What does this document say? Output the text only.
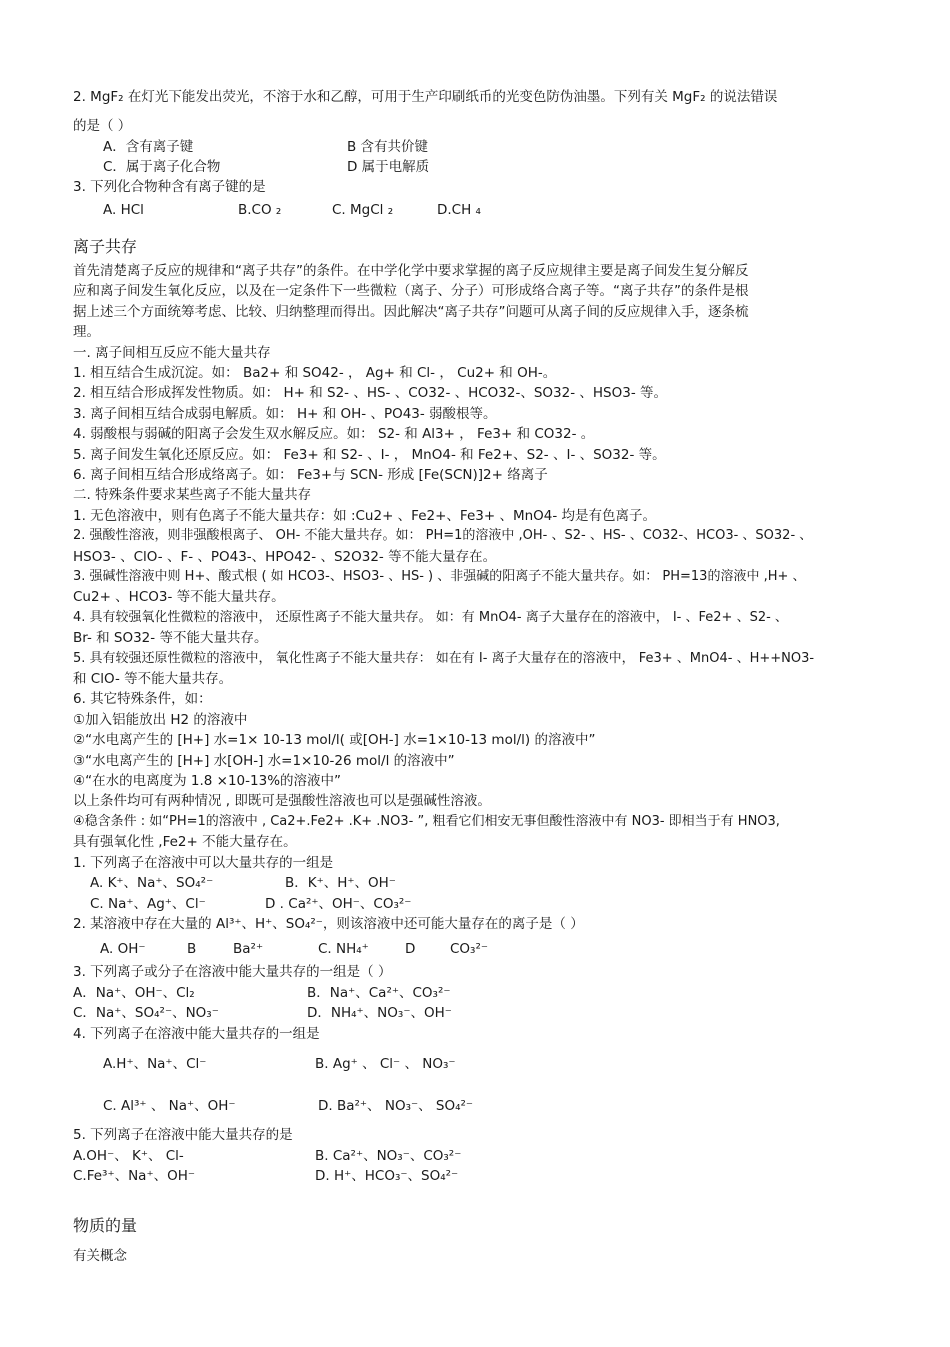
2. MgF₂ 在灯光下能发出荧光，不溶于水和乙醇，可用于生产印刷纸币的光变色防伪油墨。下列有关 MgF₂ 的说法错误
的是（ ）
A．含有离子键	B 含有共价键
C．属于离子化合物	D 属于电解质
3. 下列化合物种含有离子键的是
A. HCl	B.CO ₂	C. MgCl ₂	D.CH ₄
离子共存
首先清楚离子反应的规律和“离子共存”的条件。在中学化学中要求掌握的离子反应规律主要是离子间发生复分解反
应和离子间发生氧化反应，以及在一定条件下一些微粒（离子、分子）可形成络合离子等。“离子共存”的条件是根
据上述三个方面统筹考虑、比较、归纳整理而得出。因此解决“离子共存”问题可从离子间的反应规律入手，逐条梳
理。
一. 离子间相互反应不能大量共存
1. 相互结合生成沉淀。如： Ba2+ 和 SO42- ， Ag+ 和 Cl- ， Cu2+ 和 OH-。
2. 相互结合形成挥发性物质。如： H+ 和 S2- 、HS- 、CO32- 、HCO32-、SO32- 、HSO3- 等。
3. 离子间相互结合成弱电解质。如： H+ 和 OH- 、PO43- 弱酸根等。
4. 弱酸根与弱碱的阳离子会发生双水解反应。如： S2- 和 Al3+ ， Fe3+ 和 CO32- 。
5. 离子间发生氧化还原反应。如： Fe3+ 和 S2- 、I- ， MnO4- 和 Fe2+、S2- 、I- 、SO32- 等。
6. 离子间相互结合形成络离子。如： Fe3+与 SCN- 形成 [Fe(SCN)]2+ 络离子
二. 特殊条件要求某些离子不能大量共存
1. 无色溶液中，则有色离子不能大量共存：如 :Cu2+ 、Fe2+、Fe3+ 、MnO4- 均是有色离子。
2. 强酸性溶液，则非强酸根离子、 OH- 不能大量共存。如： PH=1的溶液中 ,OH- 、S2- 、HS- 、CO32-、HCO3- 、SO32- 、
HSO3- 、ClO- 、F- 、PO43-、HPO42- 、S2O32- 等不能大量存在。
3. 强碱性溶液中则 H+、酸式根 ( 如 HCO3-、HSO3- 、HS- ) 、非强碱的阳离子不能大量共存。如： PH=13的溶液中 ,H+ 、
Cu2+ 、HCO3- 等不能大量共存。
4. 具有较强氧化性微粒的溶液中， 还原性离子不能大量共存。 如：有 MnO4- 离子大量存在的溶液中， I- 、Fe2+ 、S2- 、
Br- 和 SO32- 等不能大量共存。
5. 具有较强还原性微粒的溶液中， 氧化性离子不能大量共存： 如在有 I- 离子大量存在的溶液中， Fe3+ 、MnO4- 、H++NO3-
和 ClO- 等不能大量共存。
6. 其它特殊条件，如：
①加入铝能放出 H2 的溶液中
②“水电离产生的 [H+] 水=1× 10-13 mol/l( 或[OH-] 水=1×10-13 mol/l) 的溶液中”
③“水电离产生的 [H+] 水[OH-] 水=1×10-26 mol/l 的溶液中”
④“在水的电离度为 1.8 ×10-13%的溶液中”
以上条件均可有两种情况 , 即既可是强酸性溶液也可以是强碱性溶液。
④稳含条件 : 如“PH=1的溶液中 , Ca2+.Fe2+ .K+ .NO3- ”, 粗看它们相安无事但酸性溶液中有 NO3- 即相当于有 HNO3,
具有强氧化性 ,Fe2+ 不能大量存在。
1. 下列离子在溶液中可以大量共存的一组是
A. K⁺、Na⁺、SO₄²⁻	B．K⁺、H⁺、OH⁻
C. Na⁺、Ag⁺、Cl⁻	D . Ca²⁺、OH⁻、CO₃²⁻
2. 某溶液中存在大量的 Al³⁺、H⁺、SO₄²⁻，则该溶液中还可能大量存在的离子是（ ）
A. OH⁻	B	Ba²⁺	C. NH₄⁺	D	CO₃²⁻
3. 下列离子或分子在溶液中能大量共存的一组是（ ）
A．Na⁺、OH⁻、Cl₂	B．Na⁺、Ca²⁺、CO₃²⁻
C．Na⁺、SO₄²⁻、NO₃⁻	D．NH₄⁺、NO₃⁻、OH⁻
4. 下列离子在溶液中能大量共存的一组是
A.H⁺、Na⁺、Cl⁻	B. Ag⁺ 、 Cl⁻ 、 NO₃⁻
C. Al³⁺ 、 Na⁺、OH⁻	D. Ba²⁺、 NO₃⁻、 SO₄²⁻
5. 下列离子在溶液中能大量共存的是
A.OH⁻、 K⁺、 Cl-	B. Ca²⁺、NO₃⁻、CO₃²⁻
C.Fe³⁺、Na⁺、OH⁻	D. H⁺、HCO₃⁻、SO₄²⁻
物质的量
有关概念
